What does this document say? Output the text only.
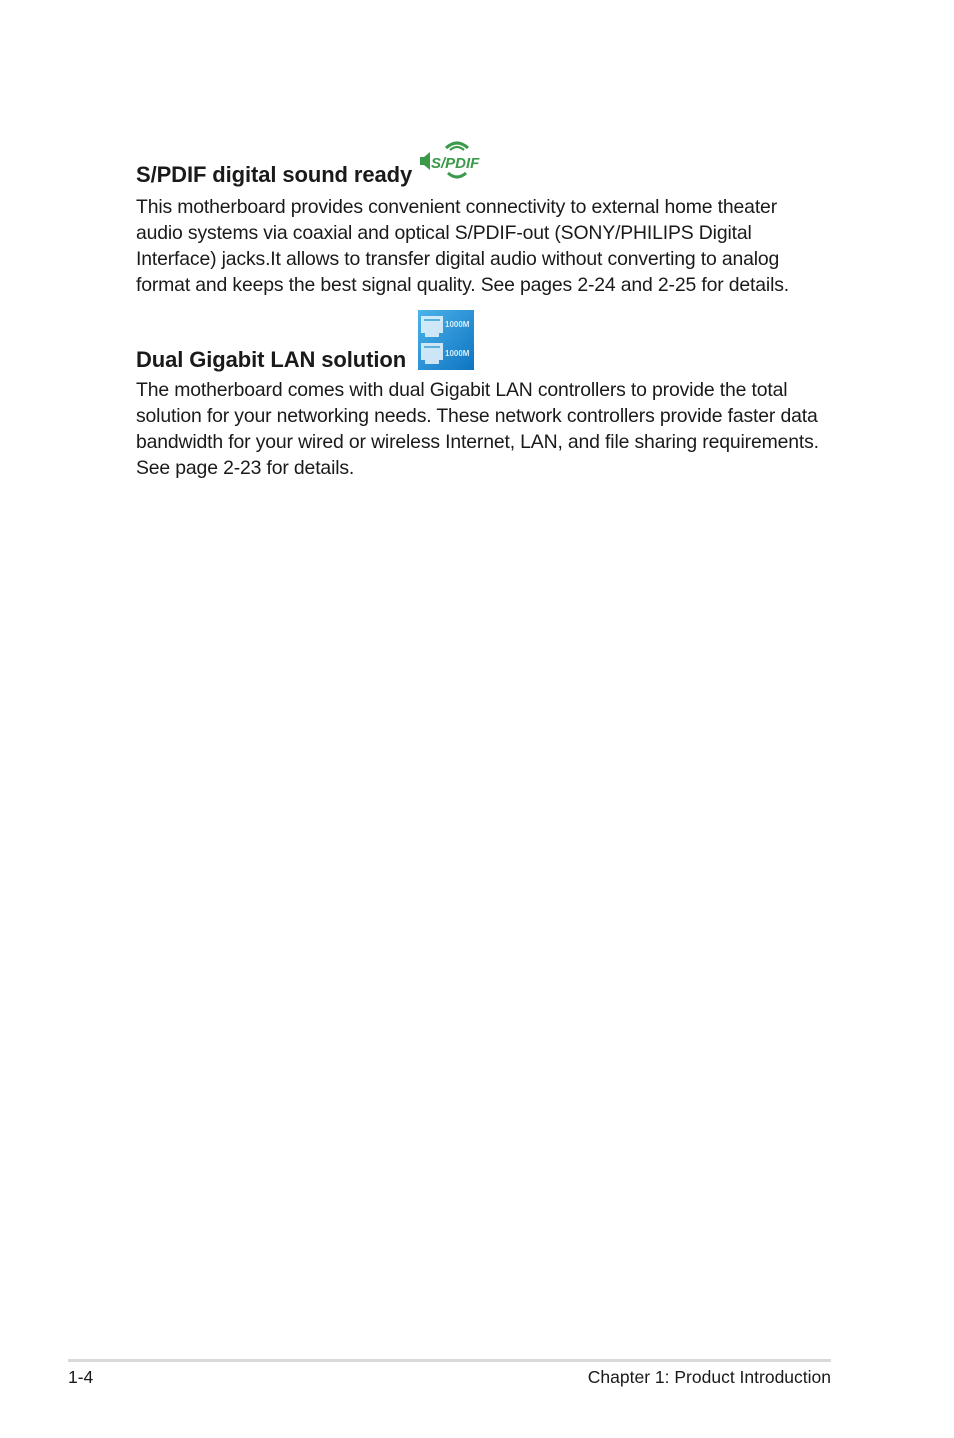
S/PDIF digital sound ready S/PDIF

This motherboard provides convenient connectivity to external home theater audio systems via coaxial and optical S/PDIF-out (SONY/PHILIPS Digital Interface) jacks.It allows to transfer digital audio without converting to analog format and keeps the best signal quality. See pages 2-24 and 2-25 for details.

Dual Gigabit LAN solution
1000M
1000M

The motherboard comes with dual Gigabit LAN controllers to provide the total solution for your networking needs. These network controllers provide faster data bandwidth for your wired or wireless Internet, LAN, and file sharing requirements. See page 2-23 for details.

1-4	Chapter 1: Product Introduction
